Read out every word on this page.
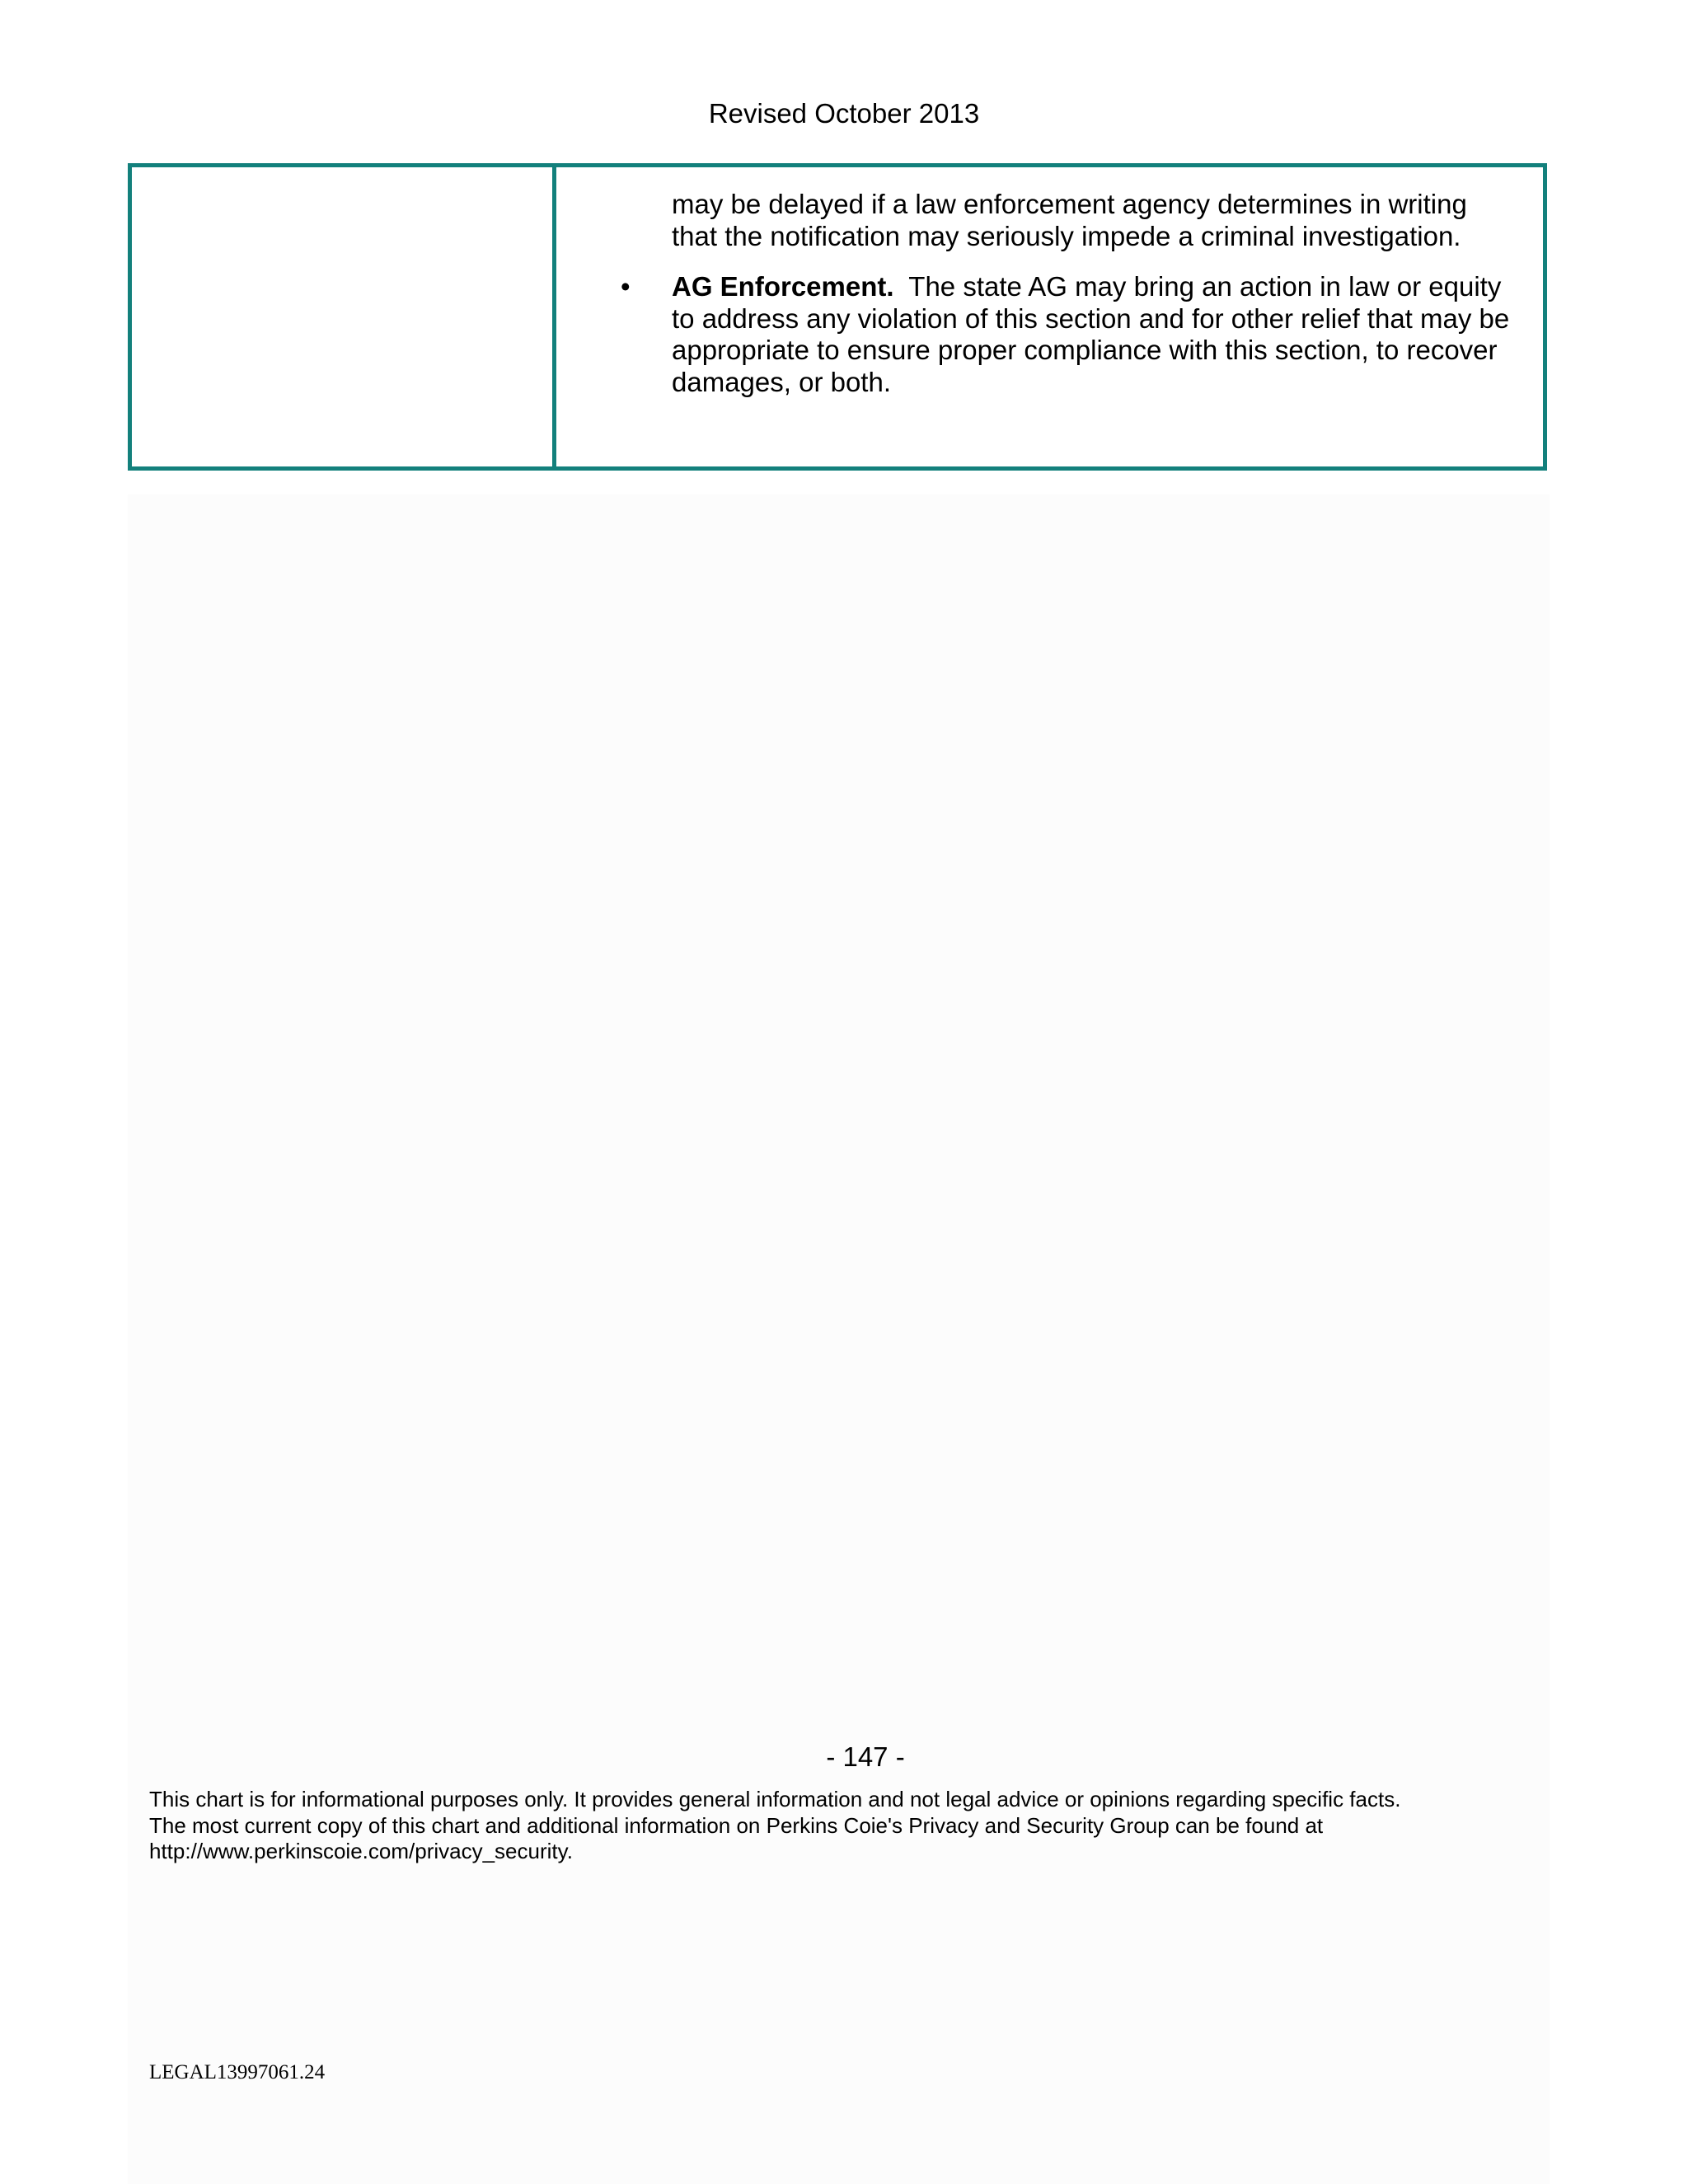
Revised October 2013
may be delayed if a law enforcement agency determines in writing
that the notification may seriously impede a criminal investigation.
•	AG Enforcement. The state AG may bring an action in law or equity
to address any violation of this section and for other relief that may be
appropriate to ensure proper compliance with this section, to recover
damages, or both.
- 147 -
This chart is for informational purposes only. It provides general information and not legal advice or opinions regarding specific facts.
The most current copy of this chart and additional information on Perkins Coie's Privacy and Security Group can be found at
http://www.perkinscoie.com/privacy_security.
LEGAL13997061.24
